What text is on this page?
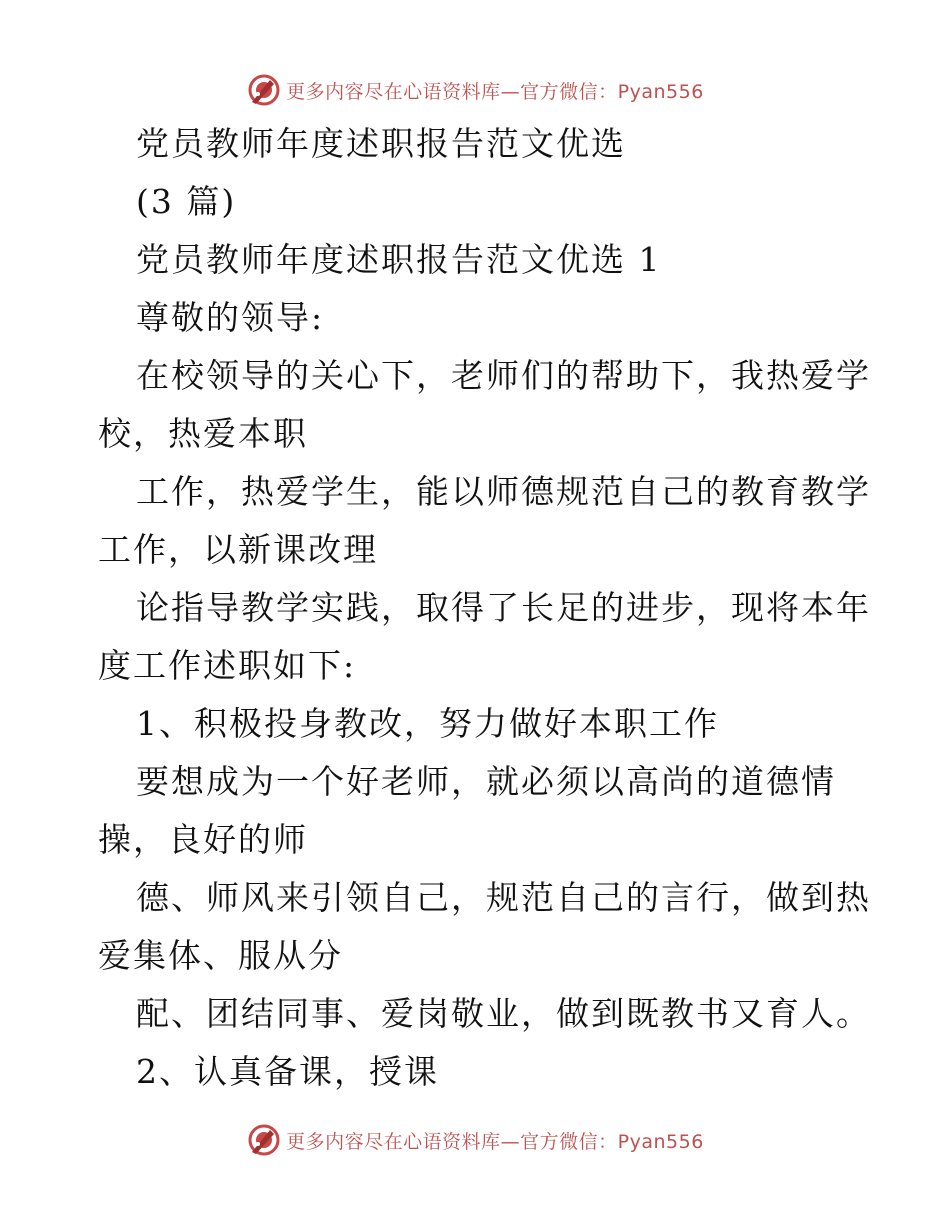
更多内容尽在心语资料库—官方微信：Pyan556
党员教师年度述职报告范文优选
(3 篇)
党员教师年度述职报告范文优选 1
尊敬的领导:
在校领导的关心下，老师们的帮助下，我热爱学
校，热爱本职
工作，热爱学生，能以师德规范自己的教育教学
工作，以新课改理
论指导教学实践，取得了长足的进步，现将本年
度工作述职如下:
1、积极投身教改，努力做好本职工作
要想成为一个好老师，就必须以高尚的道德情
操，良好的师
德、师风来引领自己，规范自己的言行，做到热
爱集体、服从分
配、团结同事、爱岗敬业，做到既教书又育人。
2、认真备课，授课
更多内容尽在心语资料库—官方微信：Pyan556
